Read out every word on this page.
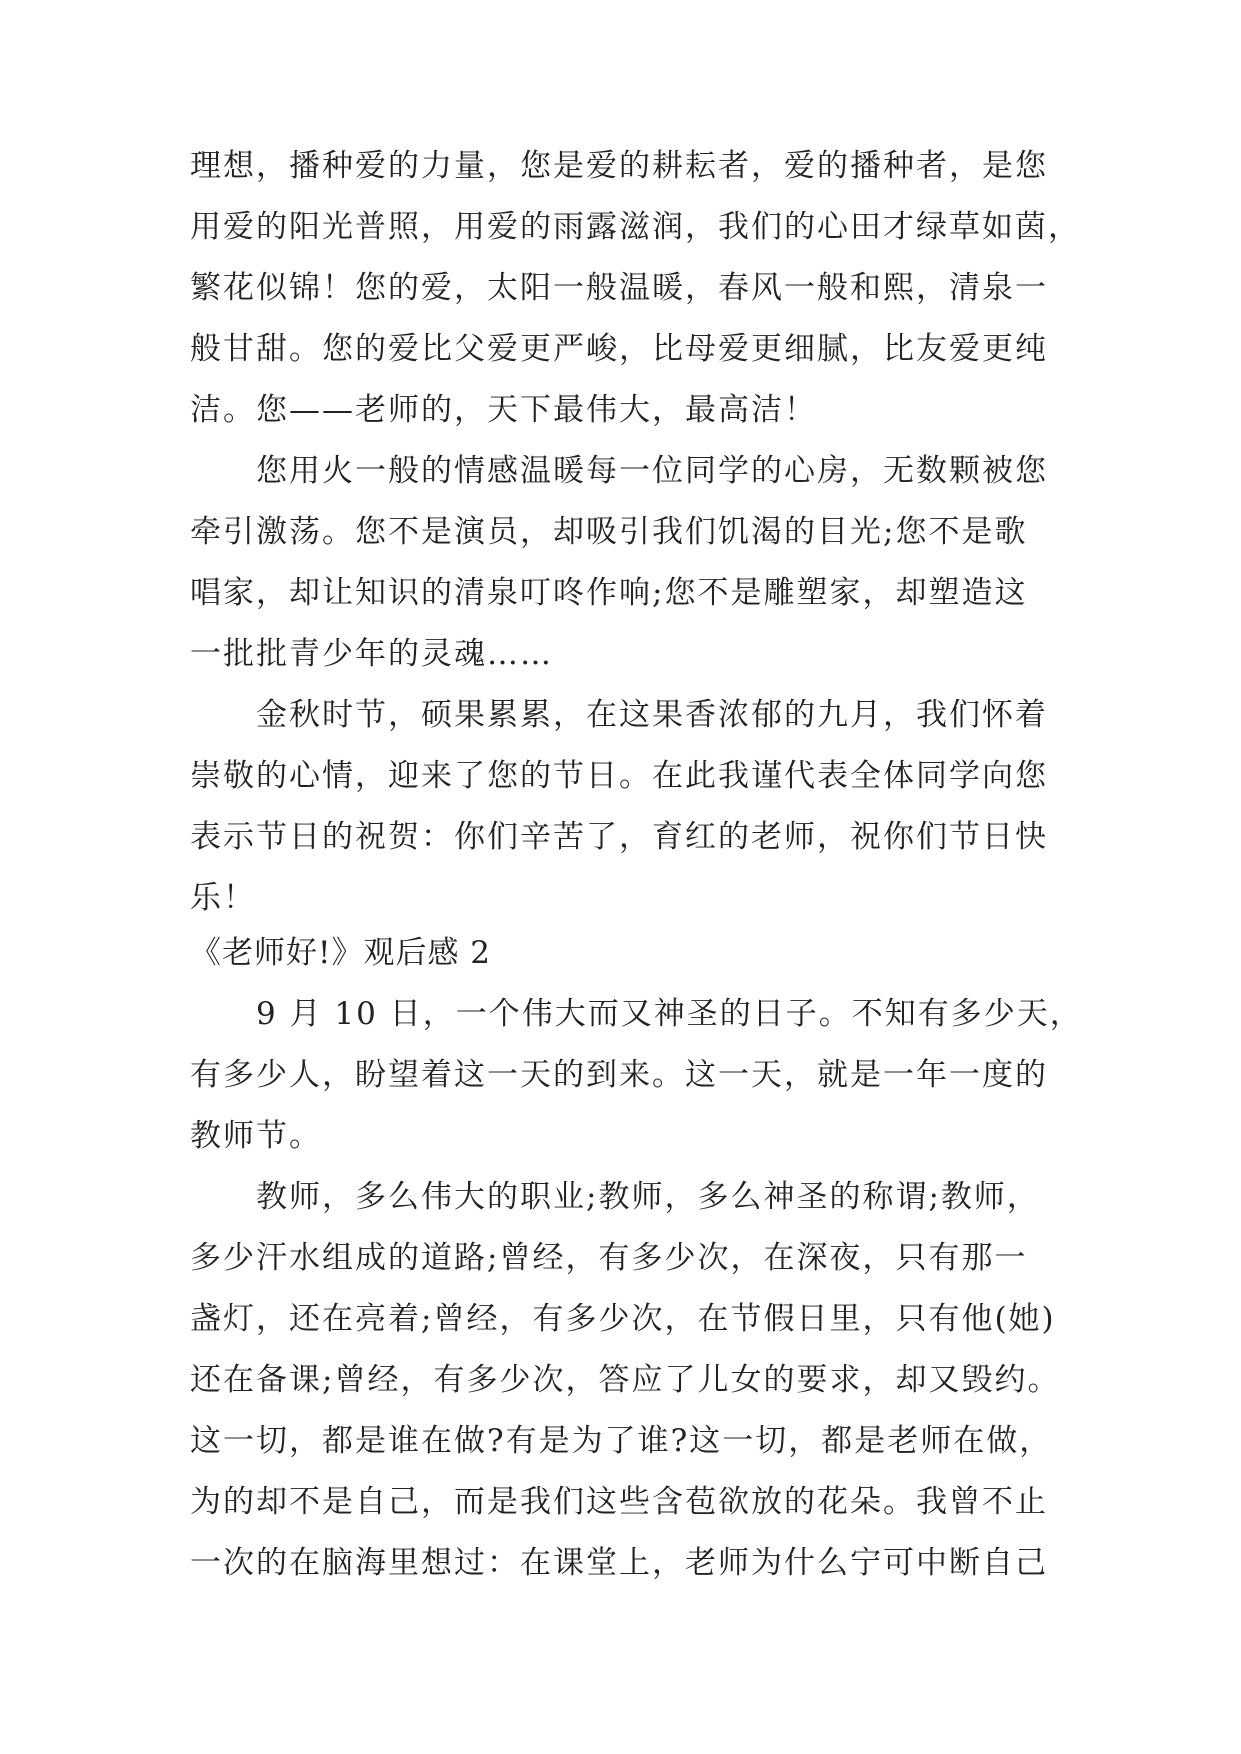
理想，播种爱的力量，您是爱的耕耘者，爱的播种者，是您
用爱的阳光普照，用爱的雨露滋润，我们的心田才绿草如茵，
繁花似锦！您的爱，太阳一般温暖，春风一般和熙，清泉一
般甘甜。您的爱比父爱更严峻，比母爱更细腻，比友爱更纯
洁。您——老师的，天下最伟大，最高洁！
您用火一般的情感温暖每一位同学的心房，无数颗被您
牵引激荡。您不是演员，却吸引我们饥渴的目光;您不是歌
唱家，却让知识的清泉叮咚作响;您不是雕塑家，却塑造这
一批批青少年的灵魂……
金秋时节，硕果累累，在这果香浓郁的九月，我们怀着
崇敬的心情，迎来了您的节日。在此我谨代表全体同学向您
表示节日的祝贺：你们辛苦了，育红的老师，祝你们节日快
乐！
《老师好!》观后感 2
9 月 10 日，一个伟大而又神圣的日子。不知有多少天，
有多少人，盼望着这一天的到来。这一天，就是一年一度的
教师节。
教师，多么伟大的职业;教师，多么神圣的称谓;教师，
多少汗水组成的道路;曾经，有多少次，在深夜，只有那一
盏灯，还在亮着;曾经，有多少次，在节假日里，只有他(她)
还在备课;曾经，有多少次，答应了儿女的要求，却又毁约。
这一切，都是谁在做?有是为了谁?这一切，都是老师在做，
为的却不是自己，而是我们这些含苞欲放的花朵。我曾不止
一次的在脑海里想过：在课堂上，老师为什么宁可中断自己
